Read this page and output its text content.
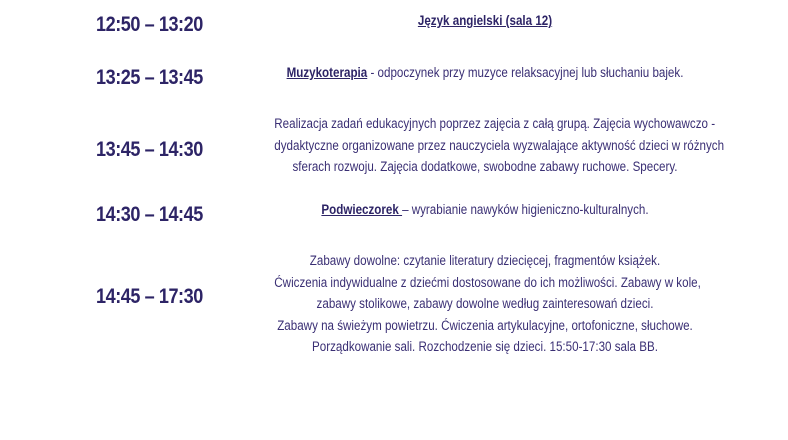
12:50 – 13:20	Język angielski (sala 12)
13:25 – 13:45	Muzykoterapia - odpoczynek przy muzyce relaksacyjnej lub słuchaniu bajek.
13:45 – 14:30
Realizacja zadań edukacyjnych poprzez zajęcia z całą grupą. Zajęcia wychowawczo -
dydaktyczne organizowane przez nauczyciela wyzwalające aktywność dzieci w różnych
sferach rozwoju. Zajęcia dodatkowe, swobodne zabawy ruchowe. Specery.
14:30 – 14:45	Podwieczorek – wyrabianie nawyków higieniczno-kulturalnych.
14:45 – 17:30
Zabawy dowolne: czytanie literatury dziecięcej, fragmentów książek.
Ćwiczenia indywidualne z dziećmi dostosowane do ich możliwości. Zabawy w kole,
zabawy stolikowe, zabawy dowolne według zainteresowań dzieci.
Zabawy na świeżym powietrzu. Ćwiczenia artykulacyjne, ortofoniczne, słuchowe.
Porządkowanie sali. Rozchodzenie się dzieci. 15:50-17:30 sala BB.
